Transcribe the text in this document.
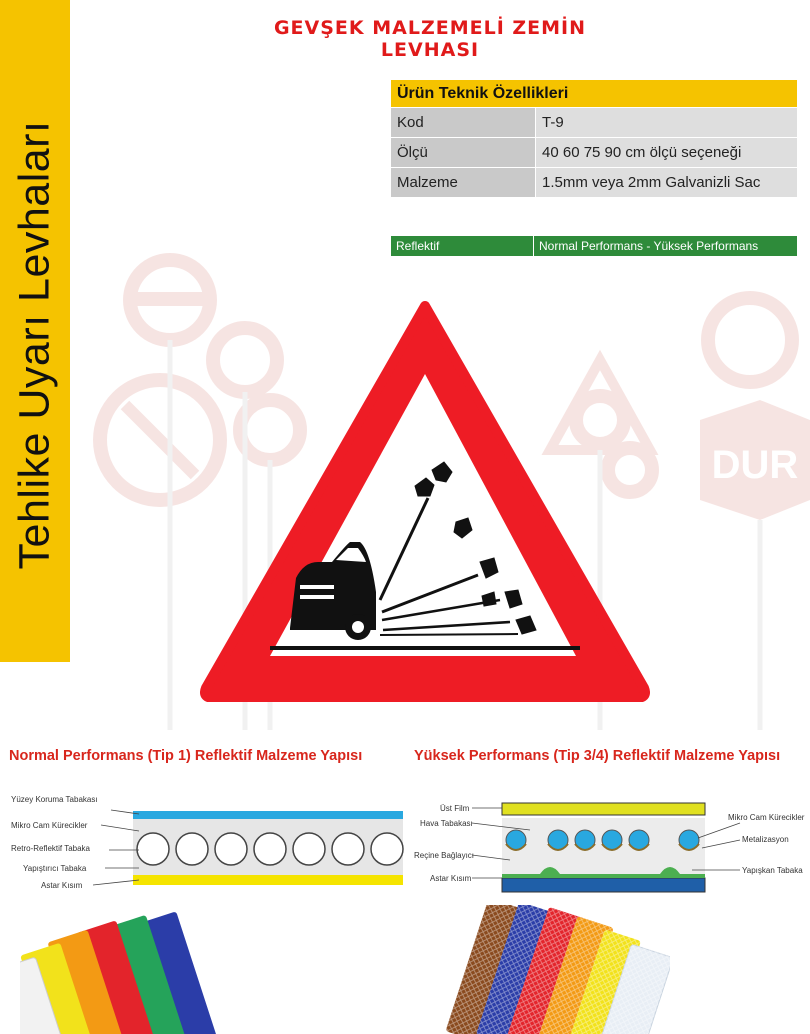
Tehlike Uyarı Levhaları
GEVŞEK MALZEMELİ ZEMİN LEVHASI
Ürün Teknik Özellikleri	
Kod	T-9
Ölçü	40 60 75 90 cm ölçü seçeneği
Malzeme	1.5mm veya 2mm Galvanizli Sac
Reflektif	Normal Performans - Yüksek Performans
DUR
Normal Performans (Tip 1) Reflektif Malzeme Yapısı	Yüksek Performans (Tip 3/4) Reflektif Malzeme Yapısı
Yüzey Koruma Tabakası
Mikro Cam Kürecikler
Retro-Reflektif Tabaka
Yapıştırıcı Tabaka
Astar Kısım
Üst Film
Hava Tabakası
Reçine Bağlayıcı
Astar Kısım
Mikro Cam Kürecikler
Metalizasyon
Yapışkan Tabaka
